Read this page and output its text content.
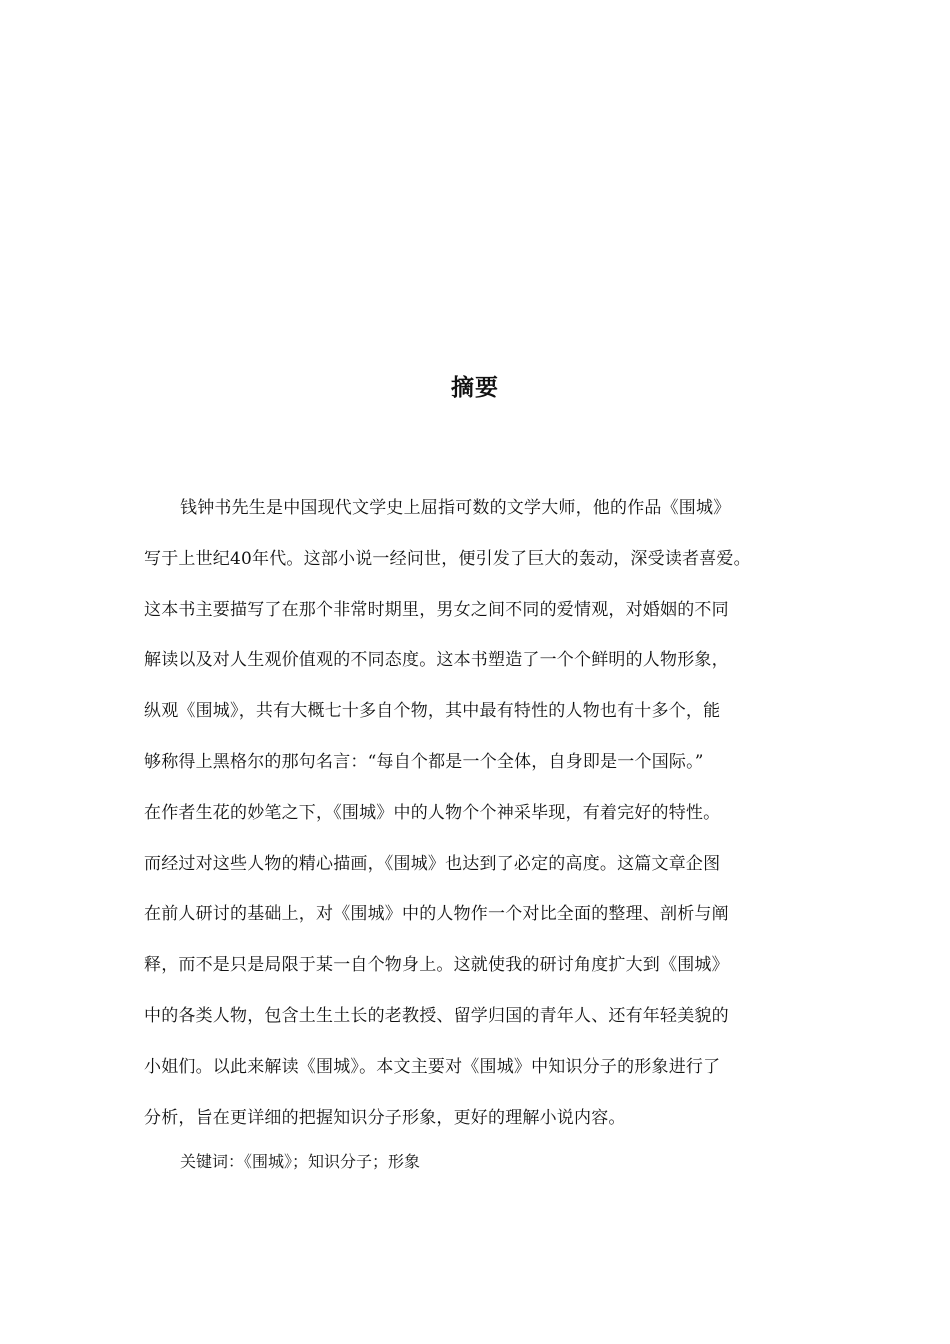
摘要
钱钟书先生是中国现代文学史上屈指可数的文学大师，他的作品《围城》
写于上世纪40年代。这部小说一经问世，便引发了巨大的轰动，深受读者喜爱。
这本书主要描写了在那个非常时期里，男女之间不同的爱情观，对婚姻的不同
解读以及对人生观价值观的不同态度。这本书塑造了一个个鲜明的人物形象，
纵观《围城》，共有大概七十多自个物，其中最有特性的人物也有十多个，能
够称得上黑格尔的那句名言：“每自个都是一个全体，自身即是一个国际。”
在作者生花的妙笔之下，《围城》中的人物个个神采毕现，有着完好的特性。
而经过对这些人物的精心描画，《围城》也达到了必定的高度。这篇文章企图
在前人研讨的基础上，对《围城》中的人物作一个对比全面的整理、剖析与阐
释，而不是只是局限于某一自个物身上。这就使我的研讨角度扩大到《围城》
中的各类人物，包含土生土长的老教授、留学归国的青年人、还有年轻美貌的
小姐们。以此来解读《围城》。本文主要对《围城》中知识分子的形象进行了
分析，旨在更详细的把握知识分子形象，更好的理解小说内容。
关键词：《围城》；知识分子；形象
